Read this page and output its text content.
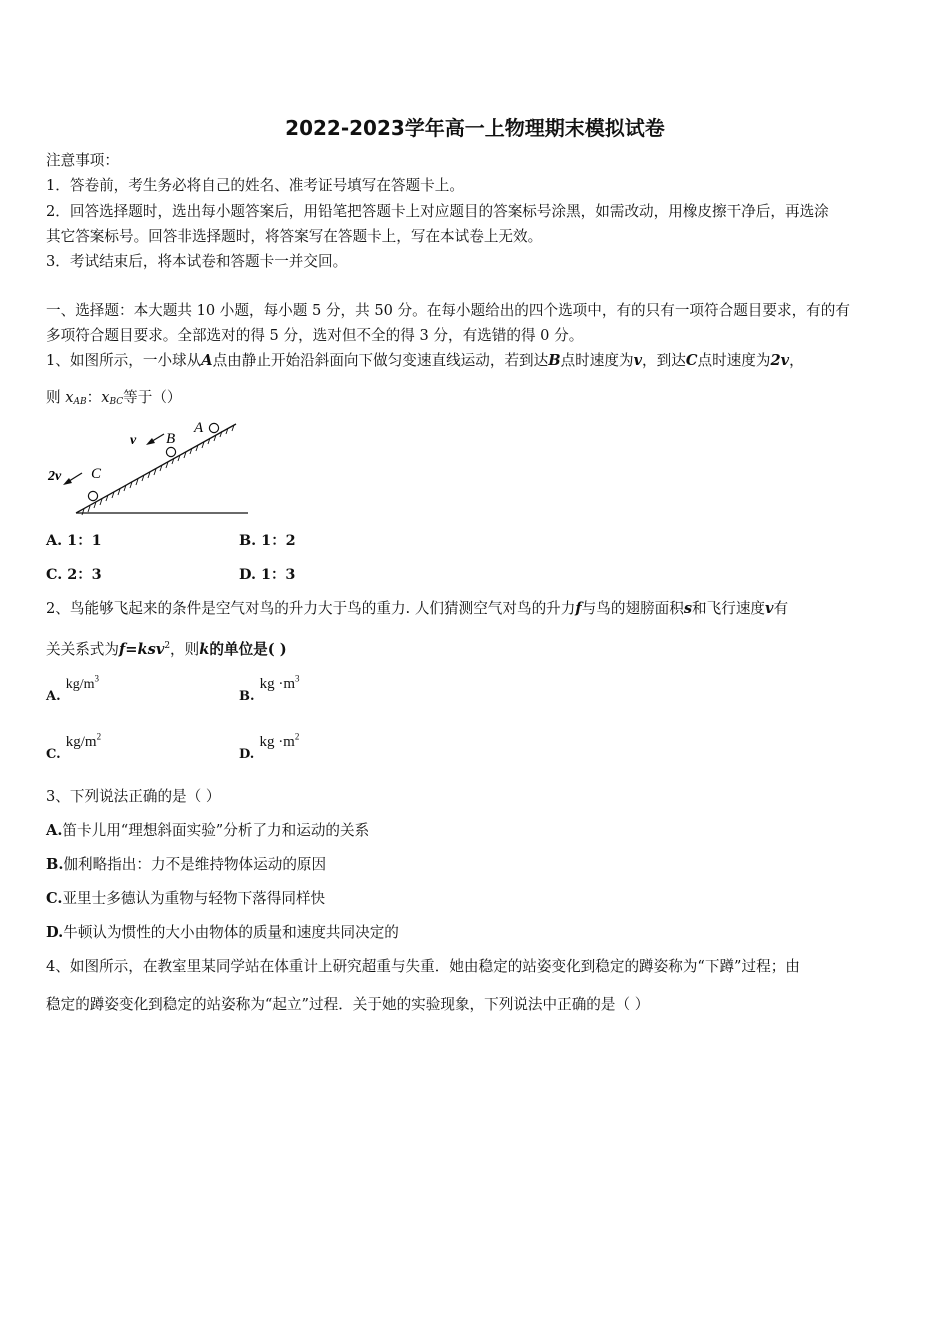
2022-2023学年高一上物理期末模拟试卷
注意事项：
1．答卷前，考生务必将自己的姓名、准考证号填写在答题卡上。
2．回答选择题时，选出每小题答案后，用铅笔把答题卡上对应题目的答案标号涂黑，如需改动，用橡皮擦干净后，再选涂
其它答案标号。回答非选择题时，将答案写在答题卡上，写在本试卷上无效。
3．考试结束后，将本试卷和答题卡一并交回。
一、选择题：本大题共 10 小题，每小题 5 分，共 50 分。在每小题给出的四个选项中，有的只有一项符合题目要求，有的有
多项符合题目要求。全部选对的得 5 分，选对但不全的得 3 分，有选错的得 0 分。
1、如图所示，一小球从A点由静止开始沿斜面向下做匀变速直线运动，若到达B点时速度为v，到达C点时速度为2v，
则 $x_{AB}$：$x_{BC}$等于（）
A
B
v
C
2v
A. 1：1	B. 1：2
C. 2：3	D. 1：3
2、鸟能够飞起来的条件是空气对鸟的升力大于鸟的重力. 人们猜测空气对鸟的升力f与鸟的翅膀面积s和飞行速度v有
关关系式为f=ksv$^2$，则k的单位是( )
$_{A.}$ $kg/m^3$
$_{B.}$ kg $\cdot m^3$
$_{C.}$ $kg/m^2$
$_{D.}$ kg $\cdot m^2$
3、下列说法正确的是（ ）
A.笛卡儿用“理想斜面实验”分析了力和运动的关系
B.伽利略指出：力不是维持物体运动的原因
C.亚里士多德认为重物与轻物下落得同样快
D.牛顿认为惯性的大小由物体的质量和速度共同决定的
4、如图所示，在教室里某同学站在体重计上研究超重与失重．她由稳定的站姿变化到稳定的蹲姿称为“下蹲”过程；由
稳定的蹲姿变化到稳定的站姿称为“起立”过程．关于她的实验现象，下列说法中正确的是（ ）
